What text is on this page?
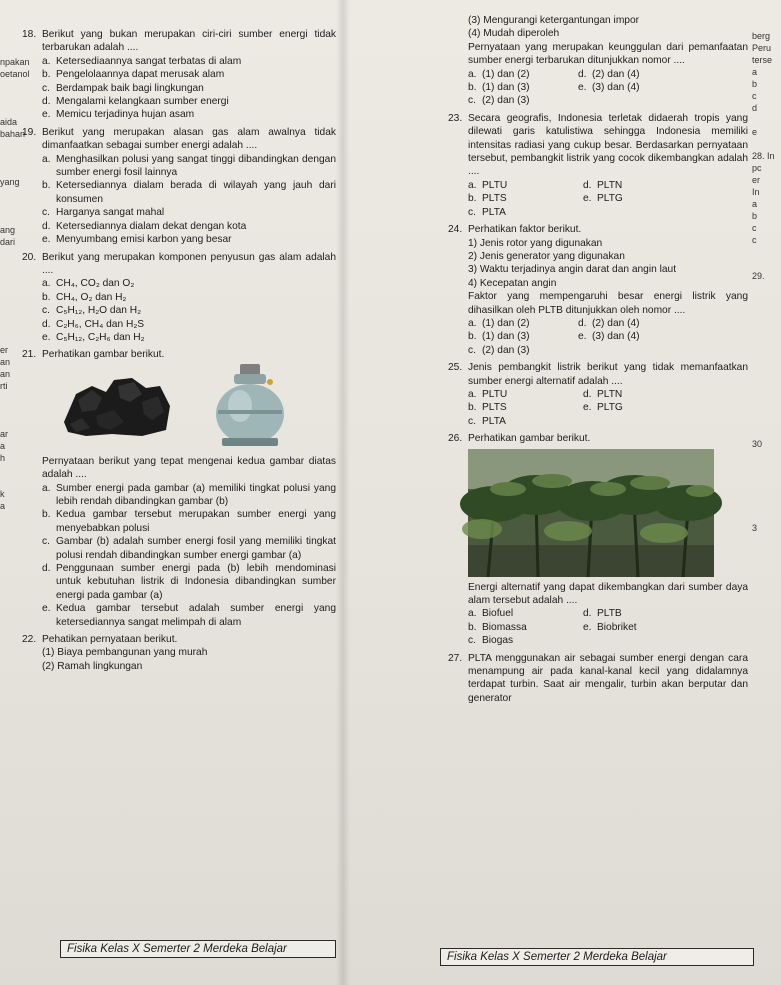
npakan
oetanol

aida
bahan

yang

ang
dari

er
an
an
rti

ar
a
h

k
a
berg
Peru
terse
a
b
c
d

e

28. In
pc
er
In
a
b
c
c

29.

30

3
18. Berikut yang bukan merupakan ciri-ciri sumber energi tidak terbarukan adalah ....
a. Ketersediaannya sangat terbatas di alam
b. Pengelolaannya dapat merusak alam
c. Berdampak baik bagi lingkungan
d. Mengalami kelangkaan sumber energi
e. Memicu terjadinya hujan asam
19. Berikut yang merupakan alasan gas alam awalnya tidak dimanfaatkan sebagai sumber energi adalah ....
a. Menghasilkan polusi yang sangat tinggi dibandingkan dengan sumber energi fosil lainnya
b. Ketersediannya dialam berada di wilayah yang jauh dari konsumen
c. Harganya sangat mahal
d. Ketersediannya dialam dekat dengan kota
e. Menyumbang emisi karbon yang besar
20. Berikut yang merupakan komponen penyusun gas alam adalah ....
a. CH₄, CO₂ dan O₂
b. CH₄, O₂ dan H₂
c. C₅H₁₂, H₂O dan H₂
d. C₂H₆, CH₄ dan H₂S
e. C₅H₁₂, C₂H₆ dan H₂
21. Perhatikan gambar berikut.
Pernyataan berikut yang tepat mengenai kedua gambar diatas adalah ....
a. Sumber energi pada gambar (a) memiliki tingkat polusi yang lebih rendah dibandingkan gambar (b)
b. Kedua gambar tersebut merupakan sumber energi yang menyebabkan polusi
c. Gambar (b) adalah sumber energi fosil yang memiliki tingkat polusi rendah dibandingkan sumber energi gambar (a)
d. Penggunaan sumber energi pada (b) lebih mendominasi untuk kebutuhan listrik di Indonesia dibandingkan sumber energi pada gambar (a)
e. Kedua gambar tersebut adalah sumber energi yang ketersediannya sangat melimpah di alam
22. Pehatikan pernyataan berikut.
(1) Biaya pembangunan yang murah
(2) Ramah lingkungan
(3) Mengurangi ketergantungan impor
(4) Mudah diperoleh
Pernyataan yang merupakan keunggulan dari pemanfaatan sumber energi terbarukan ditunjukkan nomor ....
a. (1) dan (2)	d. (2) dan (4)
b. (1) dan (3)	e. (3) dan (4)
c. (2) dan (3)
23. Secara geografis, Indonesia terletak didaerah tropis yang dilewati garis katulistiwa sehingga Indonesia memiliki intensitas radiasi yang cukup besar. Berdasarkan pernyataan tersebut, pembangkit listrik yang cocok dikembangkan adalah ....
a. PLTU	d. PLTN
b. PLTS	e. PLTG
c. PLTA
24. Perhatikan faktor berikut.
1) Jenis rotor yang digunakan
2) Jenis generator yang digunakan
3) Waktu terjadinya angin darat dan angin laut
4) Kecepatan angin
Faktor yang mempengaruhi besar energi listrik yang dihasilkan oleh PLTB ditunjukkan oleh nomor ....
a. (1) dan (2)	d. (2) dan (4)
b. (1) dan (3)	e. (3) dan (4)
c. (2) dan (3)
25. Jenis pembangkit listrik berikut yang tidak memanfaatkan sumber energi alternatif adalah ....
a. PLTU	d. PLTN
b. PLTS	e. PLTG
c. PLTA
26. Perhatikan gambar berikut.
Energi alternatif yang dapat dikembangkan dari sumber daya alam tersebut adalah ....
a. Biofuel	d. PLTB
b. Biomassa	e. Biobriket
c. Biogas
27. PLTA menggunakan air sebagai sumber energi dengan cara menampung air pada kanal-kanal kecil yang didalamnya terdapat turbin. Saat air mengalir, turbin akan berputar dan generator
Fisika Kelas X Semerter 2 Merdeka Belajar
Fisika Kelas X Semerter 2 Merdeka Belajar
